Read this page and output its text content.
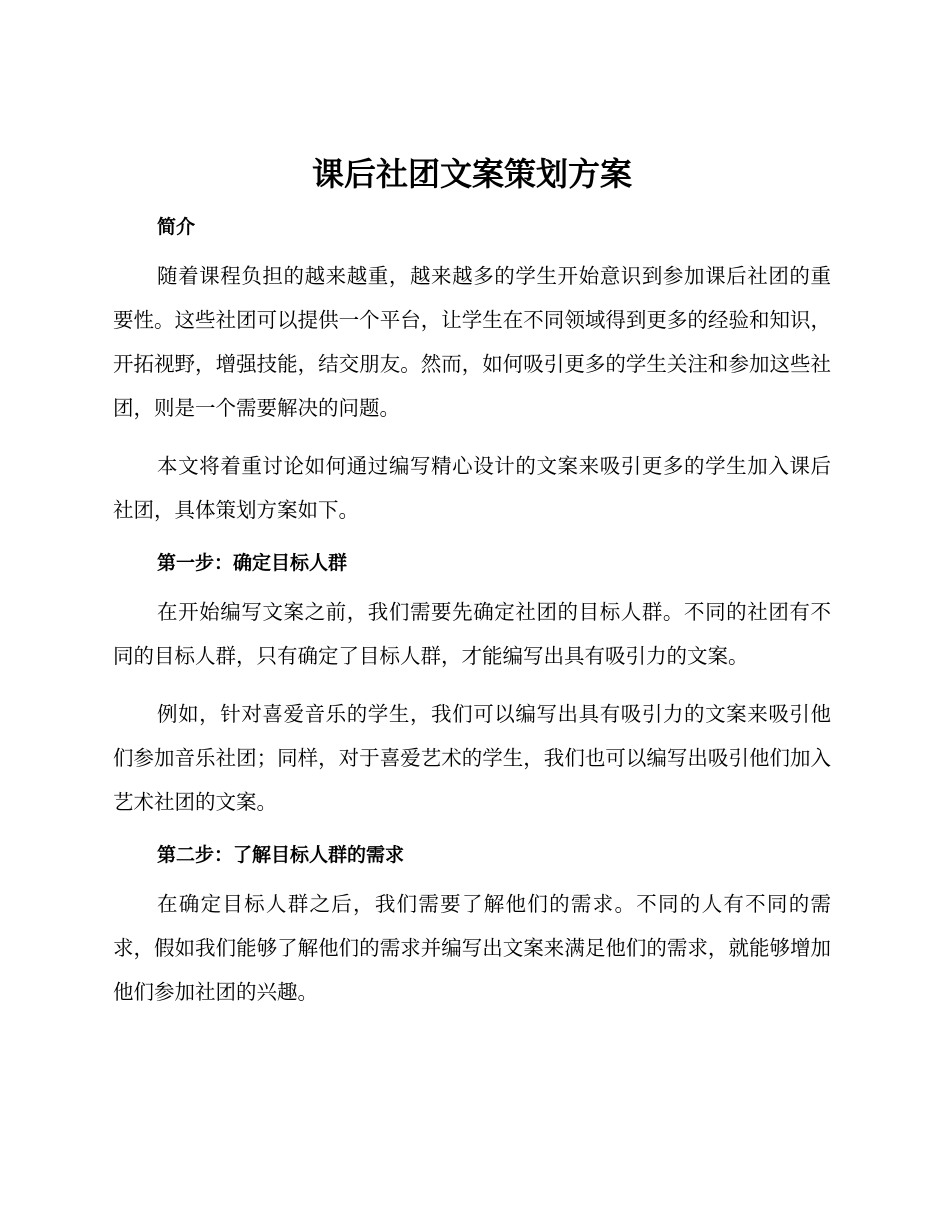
课后社团文案策划方案
简介

随着课程负担的越来越重，越来越多的学生开始意识到参加课后社团的重要性。这些社团可以提供一个平台，让学生在不同领域得到更多的经验和知识，开拓视野，增强技能，结交朋友。然而，如何吸引更多的学生关注和参加这些社团，则是一个需要解决的问题。

本文将着重讨论如何通过编写精心设计的文案来吸引更多的学生加入课后社团，具体策划方案如下。

第一步：确定目标人群

在开始编写文案之前，我们需要先确定社团的目标人群。不同的社团有不同的目标人群，只有确定了目标人群，才能编写出具有吸引力的文案。

例如，针对喜爱音乐的学生，我们可以编写出具有吸引力的文案来吸引他们参加音乐社团；同样，对于喜爱艺术的学生，我们也可以编写出吸引他们加入艺术社团的文案。

第二步：了解目标人群的需求

在确定目标人群之后，我们需要了解他们的需求。不同的人有不同的需求，假如我们能够了解他们的需求并编写出文案来满足他们的需求，就能够增加他们参加社团的兴趣。
